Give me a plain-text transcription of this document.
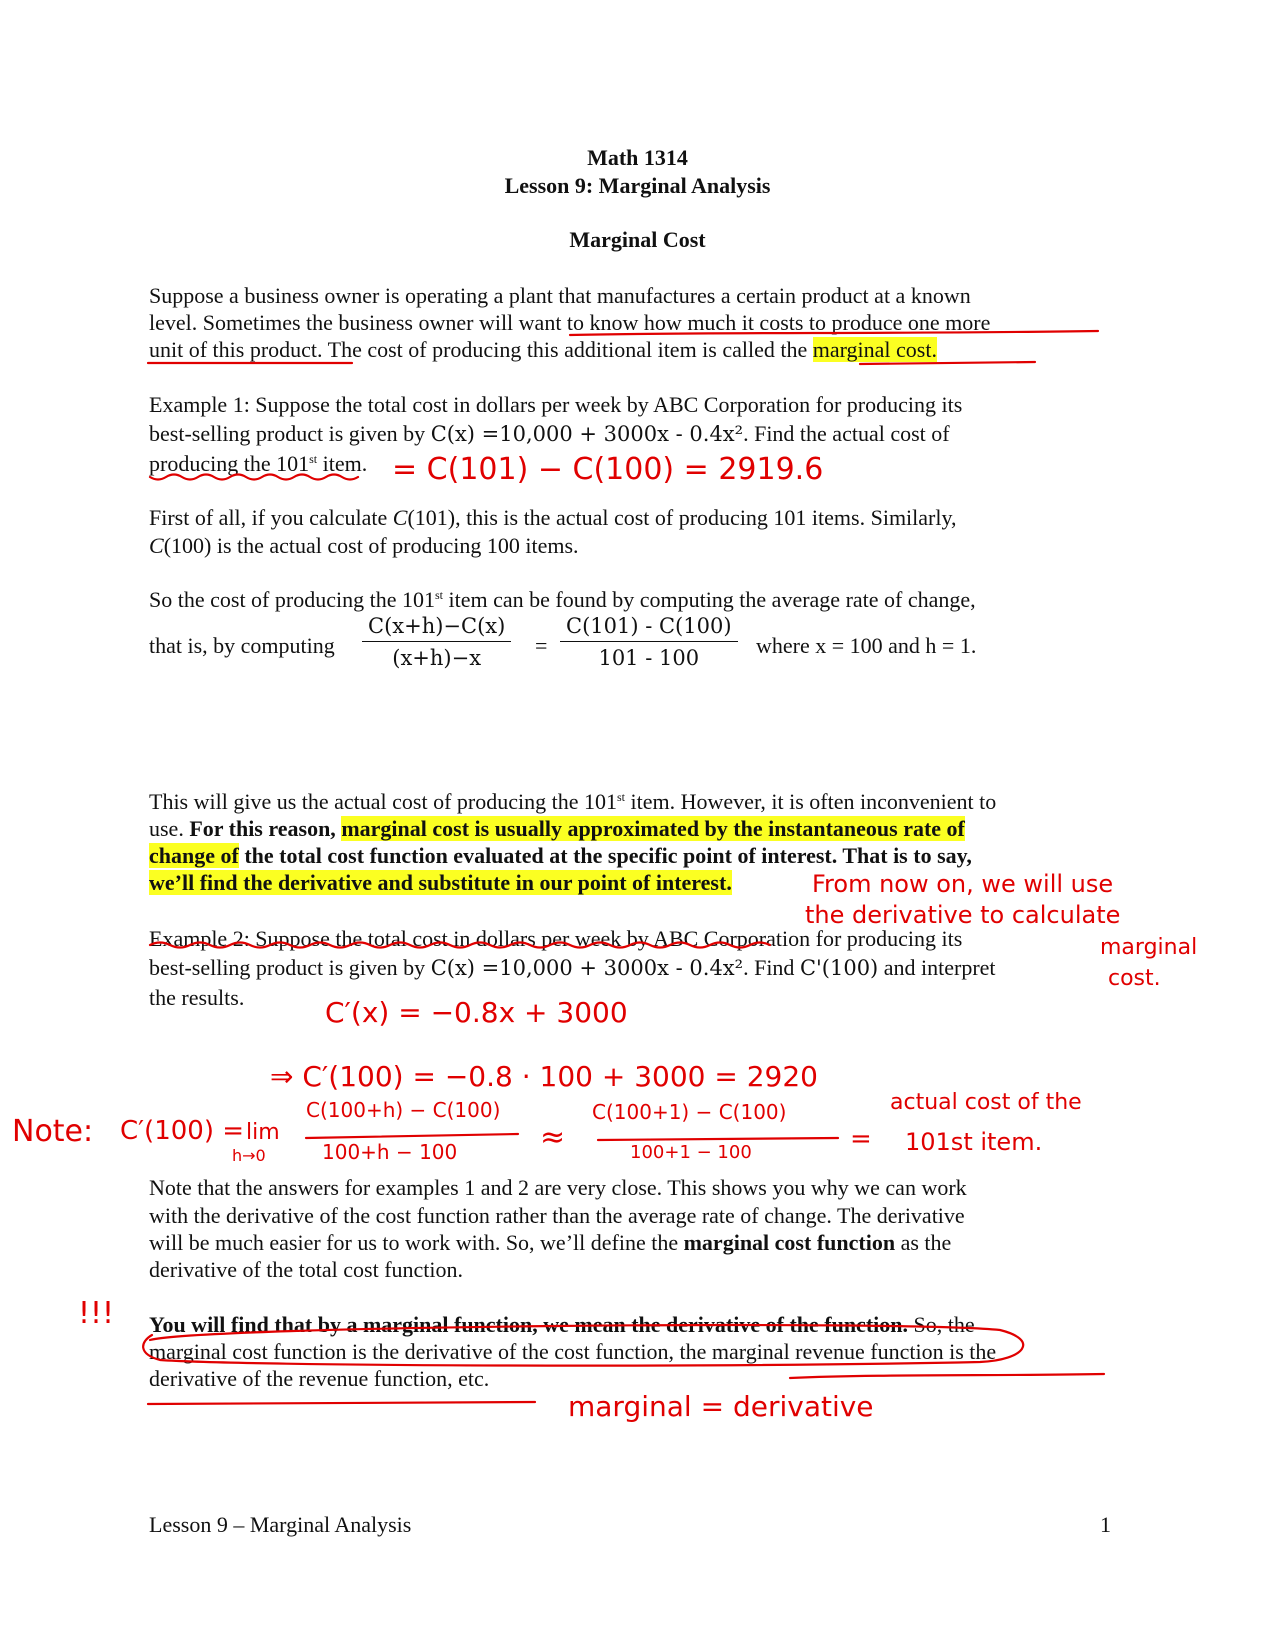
Math 1314
Lesson 9: Marginal Analysis
Marginal Cost
Suppose a business owner is operating a plant that manufactures a certain product at a known
level. Sometimes the business owner will want to know how much it costs to produce one more
unit of this product. The cost of producing this additional item is called the marginal cost.
Example 1: Suppose the total cost in dollars per week by ABC Corporation for producing its
best-selling product is given by C(x) =10,000 + 3000x - 0.4x². Find the actual cost of
producing the 101st item.
First of all, if you calculate C(101), this is the actual cost of producing 101 items. Similarly,
C(100) is the actual cost of producing 100 items.
So the cost of producing the 101st item can be found by computing the average rate of change,
that is, by computing $\frac{C(x+h)-C(x)}{(x+h)-x} = \frac{C(101) - C(100)}{101 - 100}$ where x = 100 and h = 1.
This will give us the actual cost of producing the 101st item. However, it is often inconvenient to
use. For this reason, marginal cost is usually approximated by the instantaneous rate of
change of the total cost function evaluated at the specific point of interest. That is to say,
we’ll find the derivative and substitute in our point of interest.
Example 2: Suppose the total cost in dollars per week by ABC Corporation for producing its
best-selling product is given by C(x) =10,000 + 3000x - 0.4x². Find C'(100) and interpret
the results.
Note that the answers for examples 1 and 2 are very close. This shows you why we can work
with the derivative of the cost function rather than the average rate of change. The derivative
will be much easier for us to work with. So, we’ll define the marginal cost function as the
derivative of the total cost function.
You will find that by a marginal function, we mean the derivative of the function. So, the
marginal cost function is the derivative of the cost function, the marginal revenue function is the
derivative of the revenue function, etc.
= C(101) − C(100) = 2919.6
From now on, we will use
the derivative to calculate
marginal
cost.
C′(x) = −0.8x + 3000
⇒ C′(100) = −0.8 · 100 + 3000 = 2920
Note: C′(100) = lim
h→0
C(100+h) − C(100)
100+h − 100	≈
C(100+1) − C(100)
100+1 − 100	=
actual cost of the
101st item.
!!!
marginal = derivative
Lesson 9 – Marginal Analysis	1
